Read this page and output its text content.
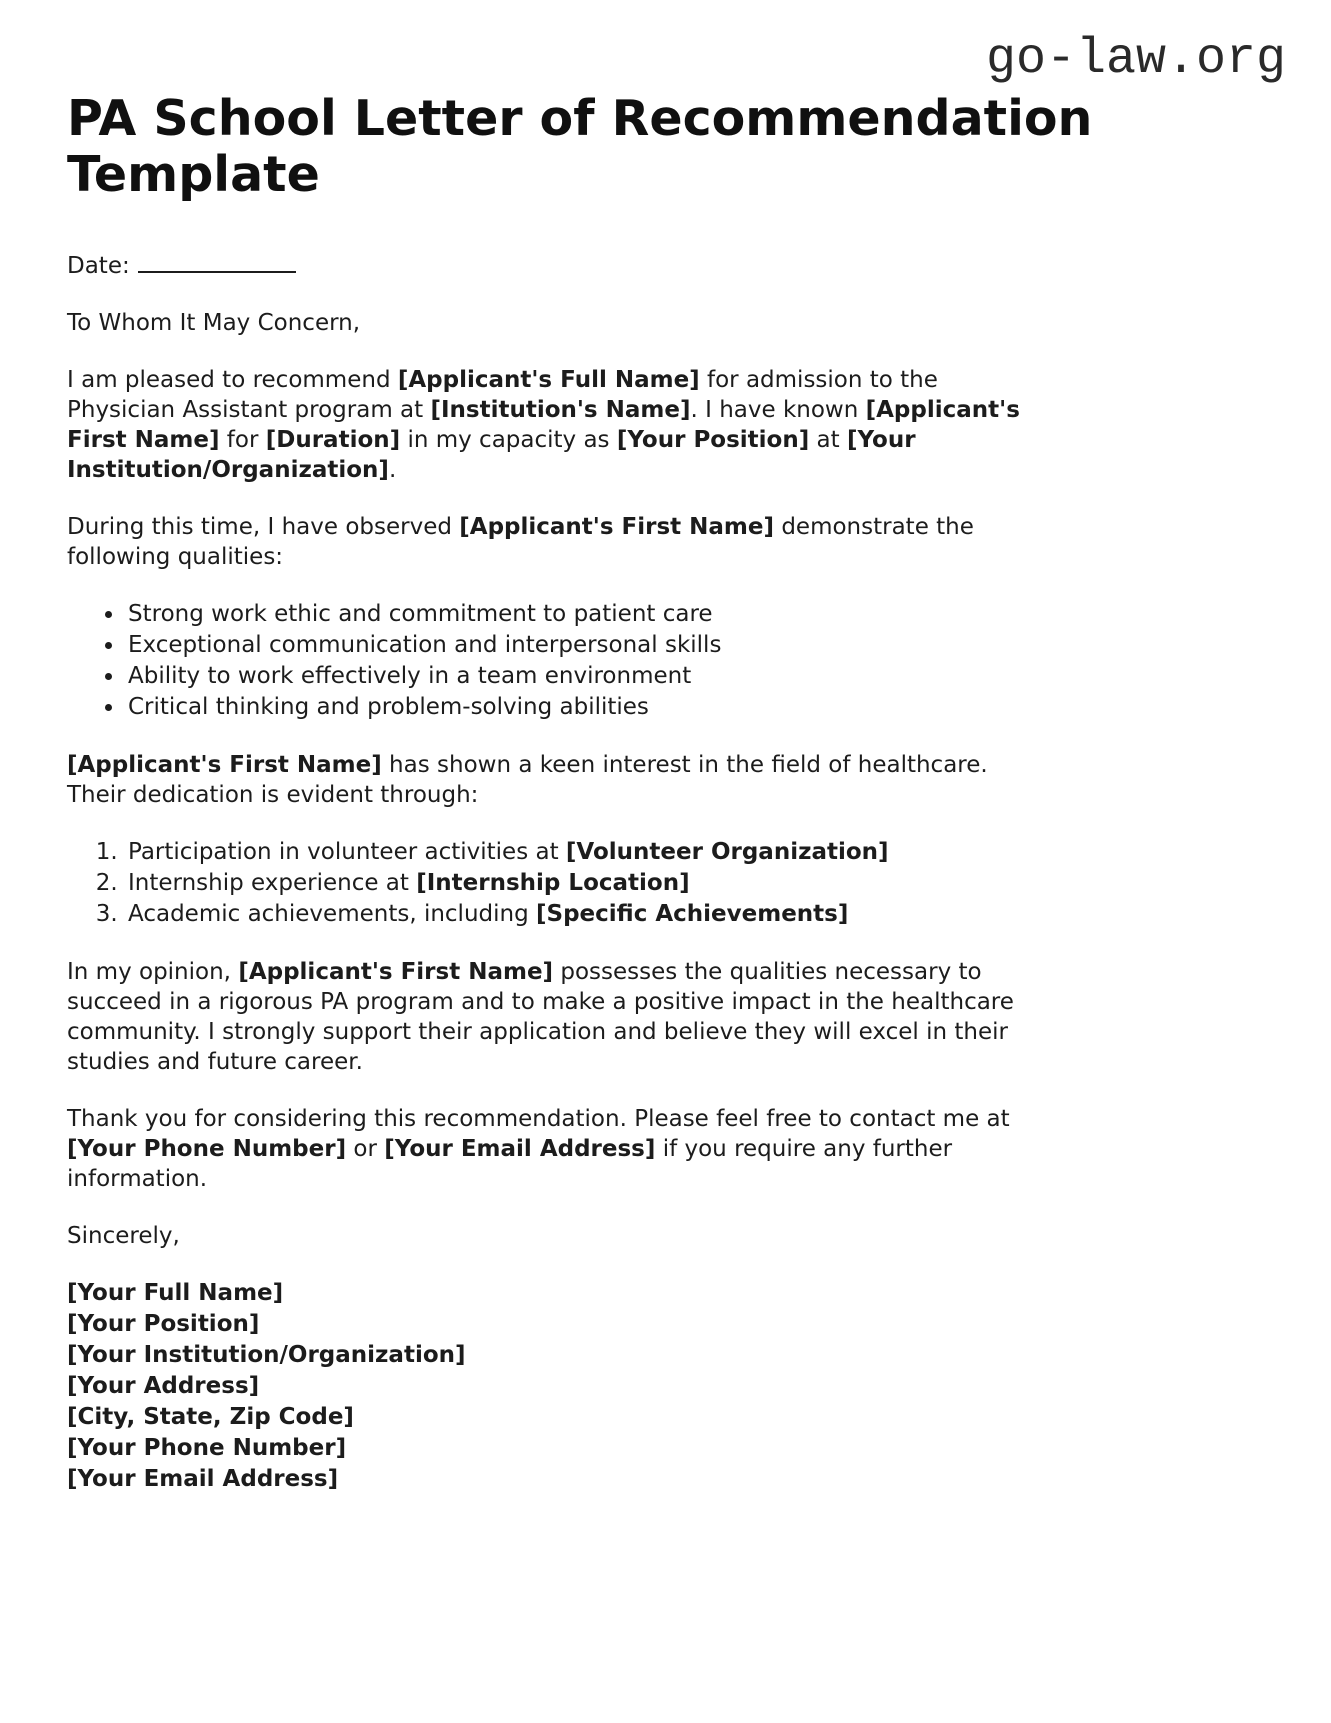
go-law.org
PA School Letter of Recommendation Template

Date:

To Whom It May Concern,

I am pleased to recommend [Applicant's Full Name] for admission to the Physician Assistant program at [Institution's Name]. I have known [Applicant's First Name] for [Duration] in my capacity as [Your Position] at [Your Institution/Organization].

During this time, I have observed [Applicant's First Name] demonstrate the following qualities:

• Strong work ethic and commitment to patient care
• Exceptional communication and interpersonal skills
• Ability to work effectively in a team environment
• Critical thinking and problem-solving abilities

[Applicant's First Name] has shown a keen interest in the field of healthcare. Their dedication is evident through:

1. Participation in volunteer activities at [Volunteer Organization]
2. Internship experience at [Internship Location]
3. Academic achievements, including [Specific Achievements]

In my opinion, [Applicant's First Name] possesses the qualities necessary to succeed in a rigorous PA program and to make a positive impact in the healthcare community. I strongly support their application and believe they will excel in their studies and future career.

Thank you for considering this recommendation. Please feel free to contact me at [Your Phone Number] or [Your Email Address] if you require any further information.

Sincerely,

[Your Full Name]

[Your Position]

[Your Institution/Organization]

[Your Address]

[City, State, Zip Code]

[Your Phone Number]

[Your Email Address]
